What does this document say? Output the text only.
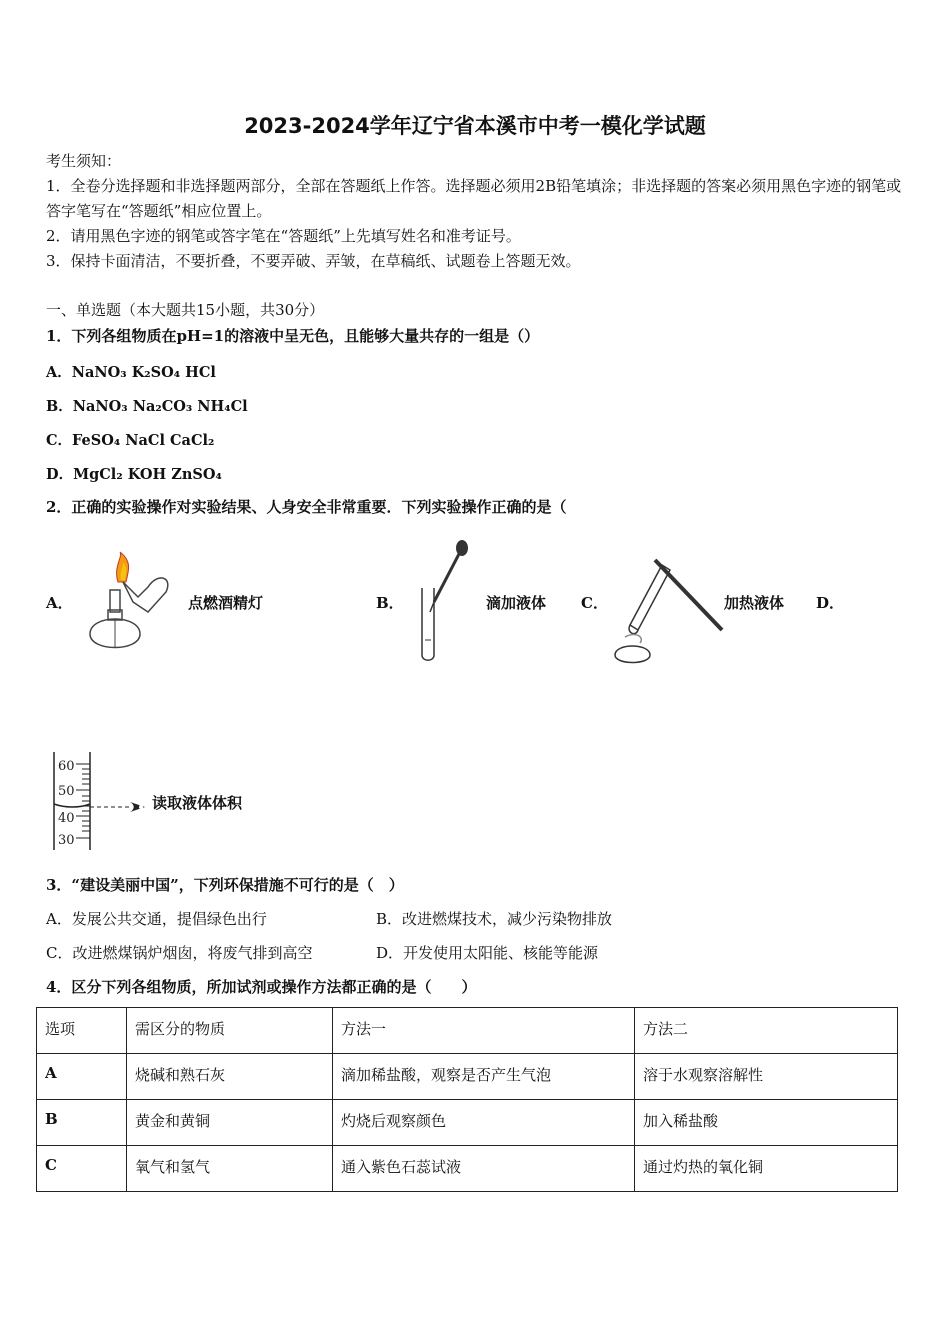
2023-2024学年辽宁省本溪市中考一模化学试题
考生须知：
1．全卷分选择题和非选择题两部分，全部在答题纸上作答。选择题必须用2B铅笔填涂；非选择题的答案必须用黑色字迹的钢笔或答字笔写在“答题纸”相应位置上。
2．请用黑色字迹的钢笔或答字笔在“答题纸”上先填写姓名和准考证号。
3．保持卡面清洁，不要折叠，不要弄破、弄皱，在草稿纸、试题卷上答题无效。
一、单选题（本大题共15小题，共30分）
1．下列各组物质在pH=1的溶液中呈无色，且能够大量共存的一组是（）
A．NaNO₃ K₂SO₄ HCl
B．NaNO₃ Na₂CO₃ NH₄Cl
C．FeSO₄ NaCl CaCl₂
D．MgCl₂ KOH ZnSO₄
2．正确的实验操作对实验结果、人身安全非常重要．下列实验操作正确的是（
A．	点燃酒精灯	B．	滴加液体 C．	加热液体 D．
60
50
40
30
读取液体体积
3．“建设美丽中国”，下列环保措施不可行的是（　）
A．发展公共交通，提倡绿色出行	B．改进燃煤技术，减少污染物排放
C．改进燃煤锅炉烟囱，将废气排到高空	D．开发使用太阳能、核能等能源
4．区分下列各组物质，所加试剂或操作方法都正确的是（　　）
选项	需区分的物质	方法一	方法二
A	烧碱和熟石灰	滴加稀盐酸，观察是否产生气泡	溶于水观察溶解性
B	黄金和黄铜	灼烧后观察颜色	加入稀盐酸
C	氧气和氢气	通入紫色石蕊试液	通过灼热的氧化铜
